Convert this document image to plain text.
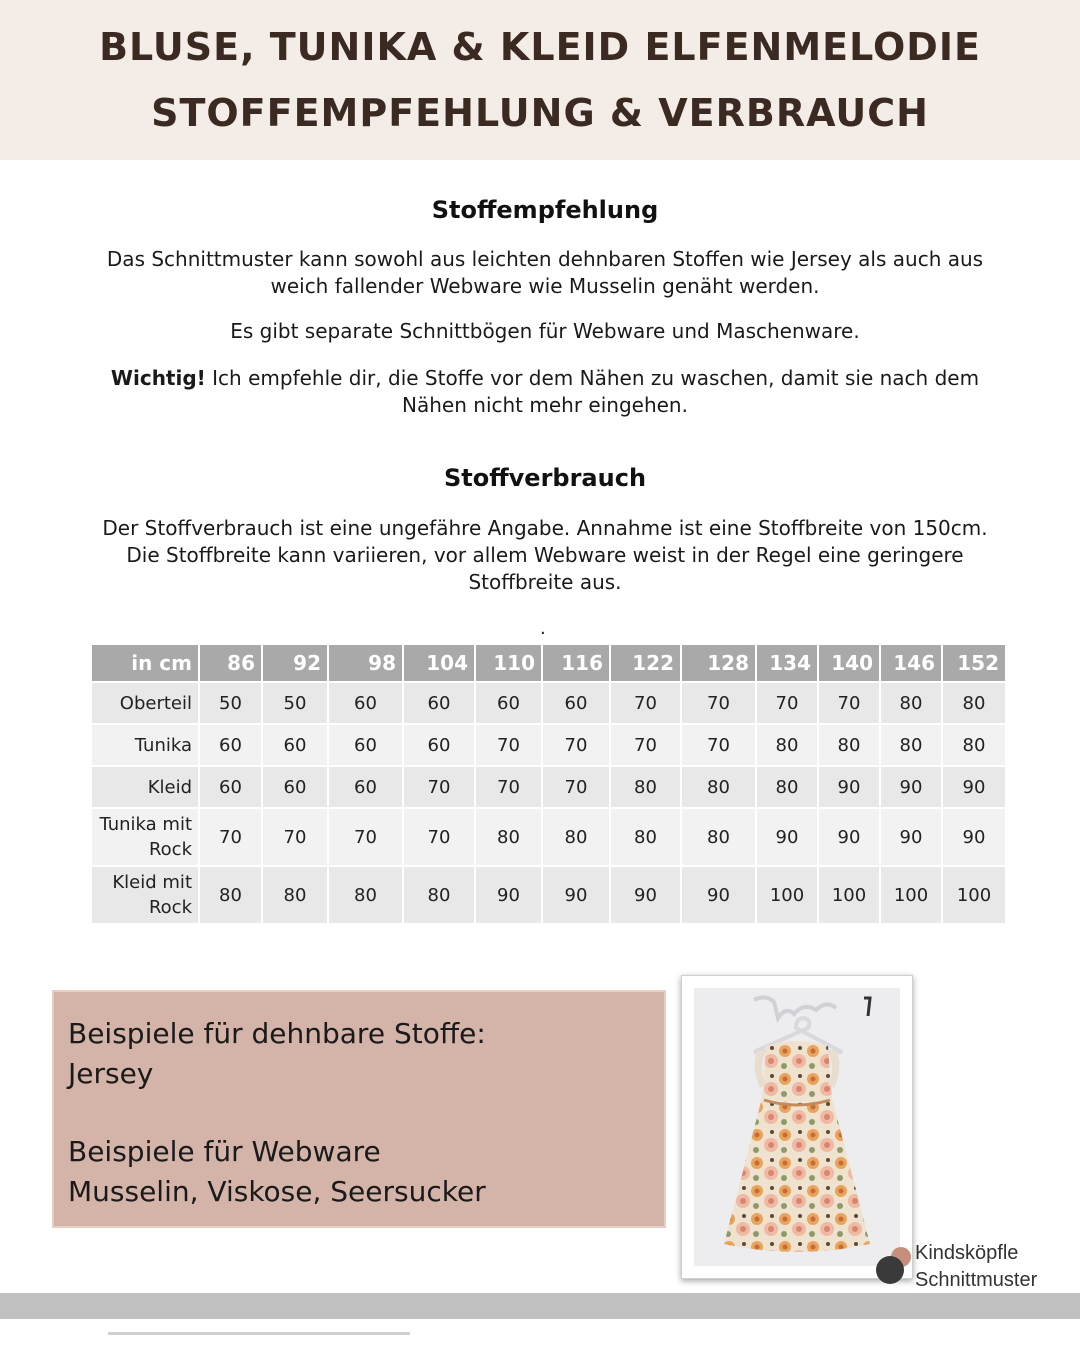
BLUSE, TUNIKA & KLEID ELFENMELODIE
STOFFEMPFEHLUNG & VERBRAUCH
Stoffempfehlung

Das Schnittmuster kann sowohl aus leichten dehnbaren Stoffen wie Jersey als auch aus weich fallender Webware wie Musselin genäht werden.

Es gibt separate Schnittbögen für Webware und Maschenware.

Wichtig! Ich empfehle dir, die Stoffe vor dem Nähen zu waschen, damit sie nach dem Nähen nicht mehr eingehen.

Stoffverbrauch

Der Stoffverbrauch ist eine ungefähre Angabe. Annahme ist eine Stoffbreite von 150cm. Die Stoffbreite kann variieren, vor allem Webware weist in der Regel eine geringere Stoffbreite aus.

.
in cm	86	92	98	104	110	116	122	128	134	140	146	152
Oberteil	50	50	60	60	60	60	70	70	70	70	80	80
Tunika	60	60	60	60	70	70	70	70	80	80	80	80
Kleid	60	60	60	70	70	70	80	80	80	90	90	90
Tunika mit Rock	70	70	70	70	80	80	80	80	90	90	90	90
Kleid mit Rock	80	80	80	80	90	90	90	90	100	100	100	100
Beispiele für dehnbare Stoffe:
Jersey
Beispiele für Webware
Musselin, Viskose, Seersucker
Kindsköpfle
Schnittmuster
